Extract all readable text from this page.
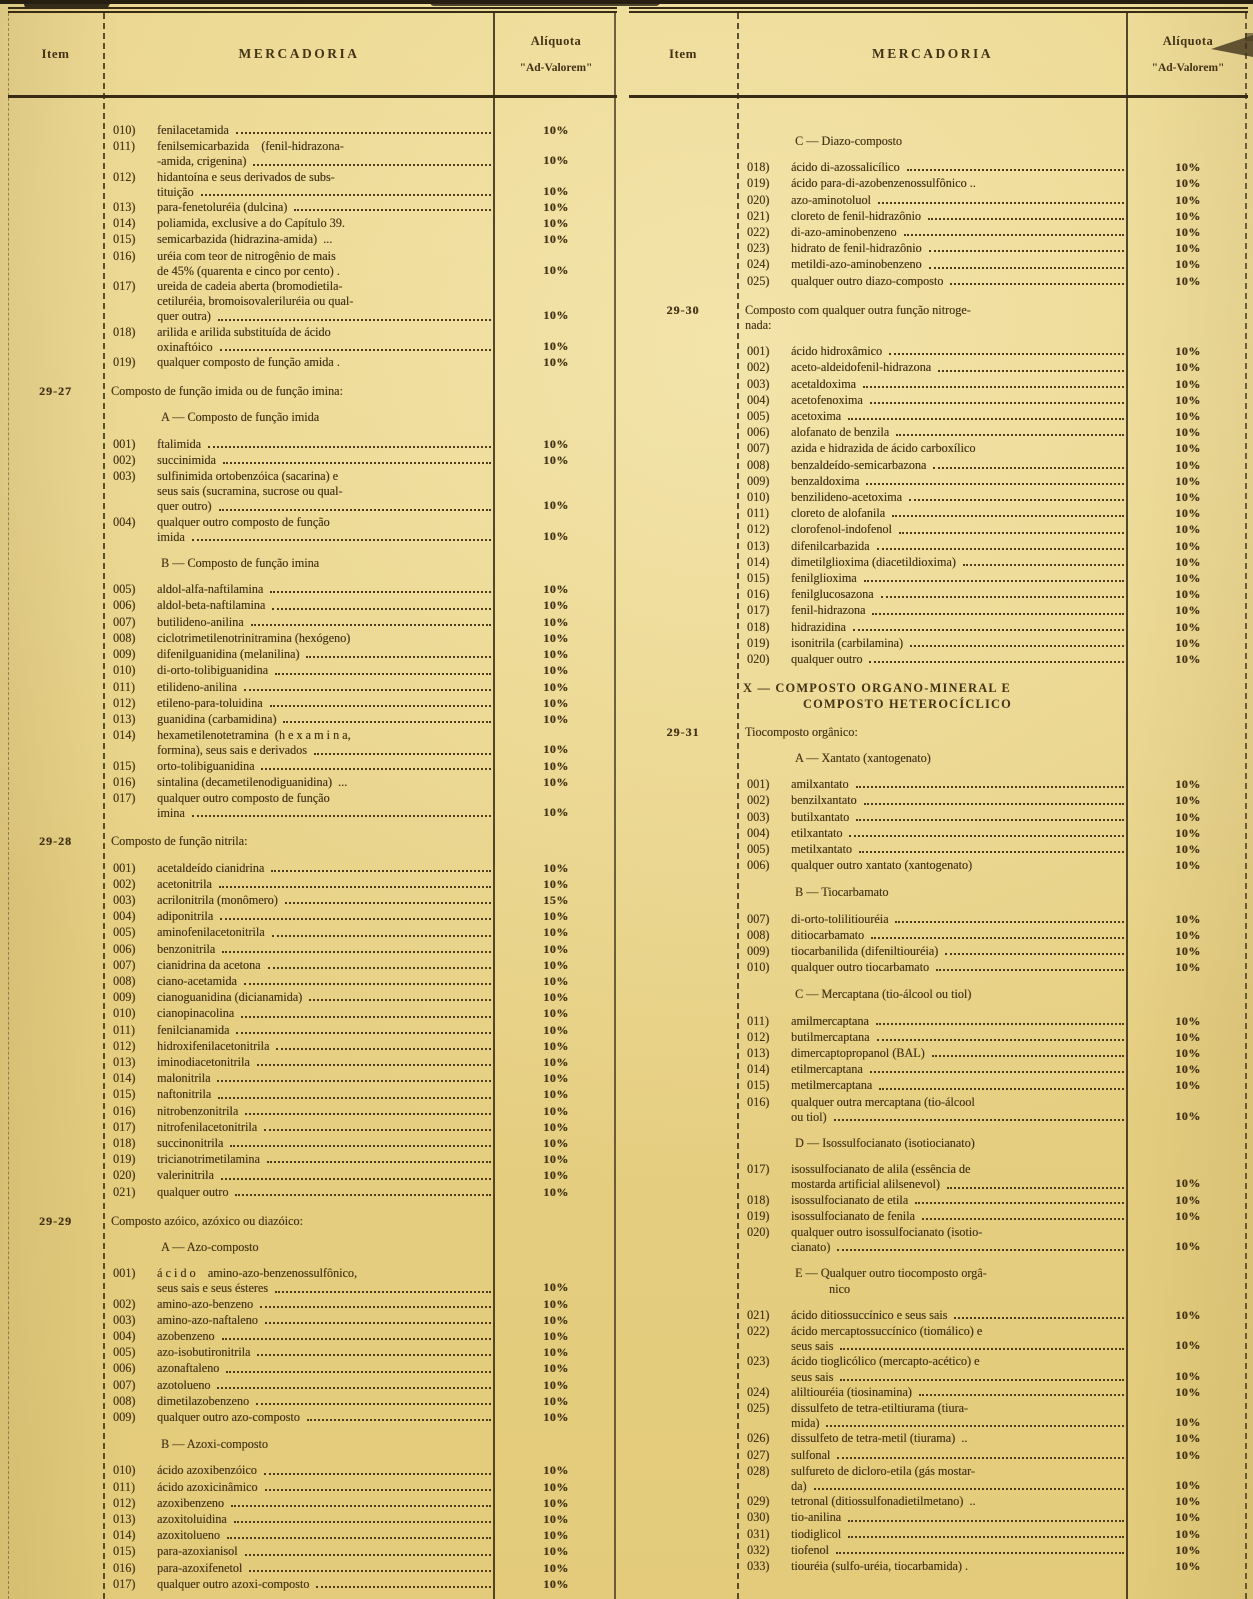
Item	MERCADORIA
Alíquota
"Ad-Valorem"
010)	fenilacetamida	10%
011)	fenilsemicarbazida    (fenil-hidrazona-
-amida, crigenina)	10%
012)	hidantoína e seus derivados de subs-
tituição	10%
013)	para-fenetoluréia (dulcina)	10%
014)	poliamida, exclusive a do Capítulo 39.	10%
015)	semicarbazida (hidrazina-amida)  ...	10%
016)	uréia com teor de nitrogênio de mais
de 45% (quarenta e cinco por cento) .	10%
017)	ureida de cadeia aberta (bromodietila-
cetiluréia, bromoisovaleriluréia ou qual-
quer outra)	10%
018)	arilida e arilida substituída de ácido
oxinaftóico	10%
019)	qualquer composto de função amida .	10%
29-27	Composto de função imida ou de função imina:
A — Composto de função imida
001)	ftalimida	10%
002)	succinimida	10%
003)	sulfinimida ortobenzóica (sacarina) e
seus sais (sucramina, sucrose ou qual-
quer outro)	10%
004)	qualquer outro composto de função
imida	10%
B — Composto de função imina
005)	aldol-alfa-naftilamina	10%
006)	aldol-beta-naftilamina	10%
007)	butilideno-anilina	10%
008)	ciclotrimetilenotrinitramina (hexógeno)	10%
009)	difenilguanidina (melanilina)	10%
010)	di-orto-tolibiguanidina	10%
011)	etilideno-anilina	10%
012)	etileno-para-toluidina	10%
013)	guanidina (carbamidina)	10%
014)	hexametilenotetramina  (h e x a m i n a,
formina), seus sais e derivados	10%
015)	orto-tolibiguanidina	10%
016)	sintalina (decametilenodiguanidina)  ...	10%
017)	qualquer outro composto de função
imina	10%
29-28	Composto de função nitrila:
001)	acetaldeído cianidrina	10%
002)	acetonitrila	10%
003)	acrilonitrila (monômero)	15%
004)	adiponitrila	10%
005)	aminofenilacetonitrila	10%
006)	benzonitrila	10%
007)	cianidrina da acetona	10%
008)	ciano-acetamida	10%
009)	cianoguanidina (dicianamida)	10%
010)	cianopinacolina	10%
011)	fenilcianamida	10%
012)	hidroxifenilacetonitrila	10%
013)	iminodiacetonitrila	10%
014)	malonitrila	10%
015)	naftonitrila	10%
016)	nitrobenzonitrila	10%
017)	nitrofenilacetonitrila	10%
018)	succinonitrila	10%
019)	tricianotrimetilamina	10%
020)	valerinitrila	10%
021)	qualquer outro	10%
29-29	Composto azóico, azóxico ou diazóico:
A — Azo-composto
001)	á c i d o    amino-azo-benzenossulfônico,
seus sais e seus ésteres	10%
002)	amino-azo-benzeno	10%
003)	amino-azo-naftaleno	10%
004)	azobenzeno	10%
005)	azo-isobutironitrila	10%
006)	azonaftaleno	10%
007)	azotolueno	10%
008)	dimetilazobenzeno	10%
009)	qualquer outro azo-composto	10%
B — Azoxi-composto
010)	ácido azoxibenzóico	10%
011)	ácido azoxicinâmico	10%
012)	azoxibenzeno	10%
013)	azoxitoluidina	10%
014)	azoxitolueno	10%
015)	para-azoxianisol	10%
016)	para-azoxifenetol	10%
017)	qualquer outro azoxi-composto	10%
Item	MERCADORIA
Alíquota
"Ad-Valorem"
C — Diazo-composto
018)	ácido di-azossalicílico	10%
019)	ácido para-di-azobenzenossulfônico ..	10%
020)	azo-aminotoluol	10%
021)	cloreto de fenil-hidrazônio	10%
022)	di-azo-aminobenzeno	10%
023)	hidrato de fenil-hidrazônio	10%
024)	metildi-azo-aminobenzeno	10%
025)	qualquer outro diazo-composto	10%
29-30	Composto com qualquer outra função nitroge-
nada:
001)	ácido hidroxâmico	10%
002)	aceto-aldeidofenil-hidrazona	10%
003)	acetaldoxima	10%
004)	acetofenoxima	10%
005)	acetoxima	10%
006)	alofanato de benzila	10%
007)	azida e hidrazida de ácido carboxílico	10%
008)	benzaldeído-semicarbazona	10%
009)	benzaldoxima	10%
010)	benzilideno-acetoxima	10%
011)	cloreto de alofanila	10%
012)	clorofenol-indofenol	10%
013)	difenilcarbazida	10%
014)	dimetilglioxima (diacetildioxima)	10%
015)	fenilglioxima	10%
016)	fenilglucosazona	10%
017)	fenil-hidrazona	10%
018)	hidrazidina	10%
019)	isonitrila (carbilamina)	10%
020)	qualquer outro	10%
X — COMPOSTO ORGANO-MINERAL E
COMPOSTO HETEROCÍCLICO
29-31	Tiocomposto orgânico:
A — Xantato (xantogenato)
001)	amilxantato	10%
002)	benzilxantato	10%
003)	butilxantato	10%
004)	etilxantato	10%
005)	metilxantato	10%
006)	qualquer outro xantato (xantogenato)	10%
B — Tiocarbamato
007)	di-orto-tolilitiouréia	10%
008)	ditiocarbamato	10%
009)	tiocarbanilida (difeniltiouréia)	10%
010)	qualquer outro tiocarbamato	10%
C — Mercaptana (tio-álcool ou tiol)
011)	amilmercaptana	10%
012)	butilmercaptana	10%
013)	dimercaptopropanol (BAL)	10%
014)	etilmercaptana	10%
015)	metilmercaptana	10%
016)	qualquer outra mercaptana (tio-álcool
ou tiol)	10%
D — Isossulfocianato (isotiocianato)
017)	isossulfocianato de alila (essência de
mostarda artificial alilsenevol)	10%
018)	isossulfocianato de etila	10%
019)	isossulfocianato de fenila	10%
020)	qualquer outro isossulfocianato (isotio-
cianato)	10%
E — Qualquer outro tiocomposto orgâ-
nico
021)	ácido ditiossuccínico e seus sais	10%
022)	ácido mercaptossuccínico (tiomálico) e
seus sais	10%
023)	ácido tioglicólico (mercapto-acético) e
seus sais	10%
024)	aliltiouréia (tiosinamina)	10%
025)	dissulfeto de tetra-etiltiurama (tiura-
mida)	10%
026)	dissulfeto de tetra-metil (tiurama)  ..	10%
027)	sulfonal	10%
028)	sulfureto de dicloro-etila (gás mostar-
da)	10%
029)	tetronal (ditiossulfonadietilmetano)  ..	10%
030)	tio-anilina	10%
031)	tiodiglicol	10%
032)	tiofenol	10%
033)	tiouréia (sulfo-uréia, tiocarbamida) .	10%
